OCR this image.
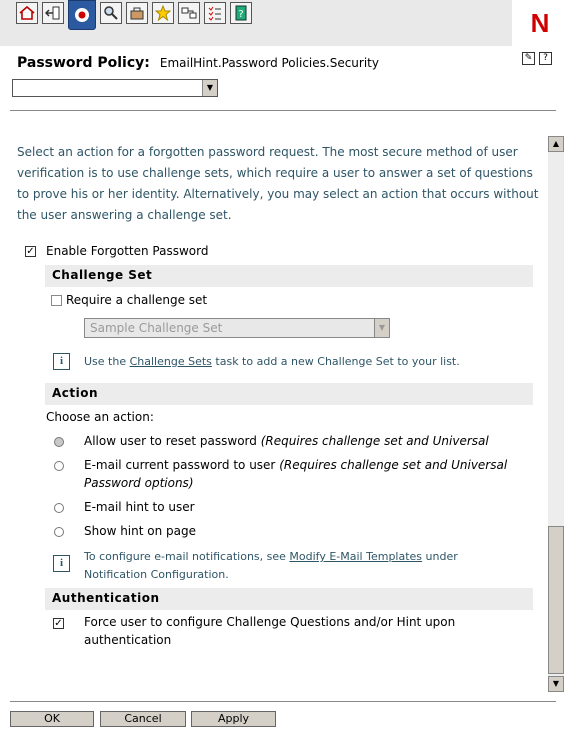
?	N
Password Policy: EmailHint.Password Policies.Security	✎	?
▼
Select an action for a forgotten password request. The most secure method of user verification is to use challenge sets, which require a user to answer a set of questions to prove his or her identity. Alternatively, you may select an action that occurs without the user answering a challenge set.
✓ Enable Forgotten Password
Challenge Set
Require a challenge set
Sample Challenge Set	▼
i	Use the Challenge Sets task to add a new Challenge Set to your list.
Action
Choose an action:
Allow user to reset password (Requires challenge set and Universal
E-mail current password to user (Requires challenge set and Universal
Password options)
E-mail hint to user
Show hint on page
i	To configure e-mail notifications, see Modify E-Mail Templates under
Notification Configuration.
Authentication
✓ Force user to configure Challenge Questions and/or Hint upon
authentication
▲
▼
OK	Cancel	Apply
